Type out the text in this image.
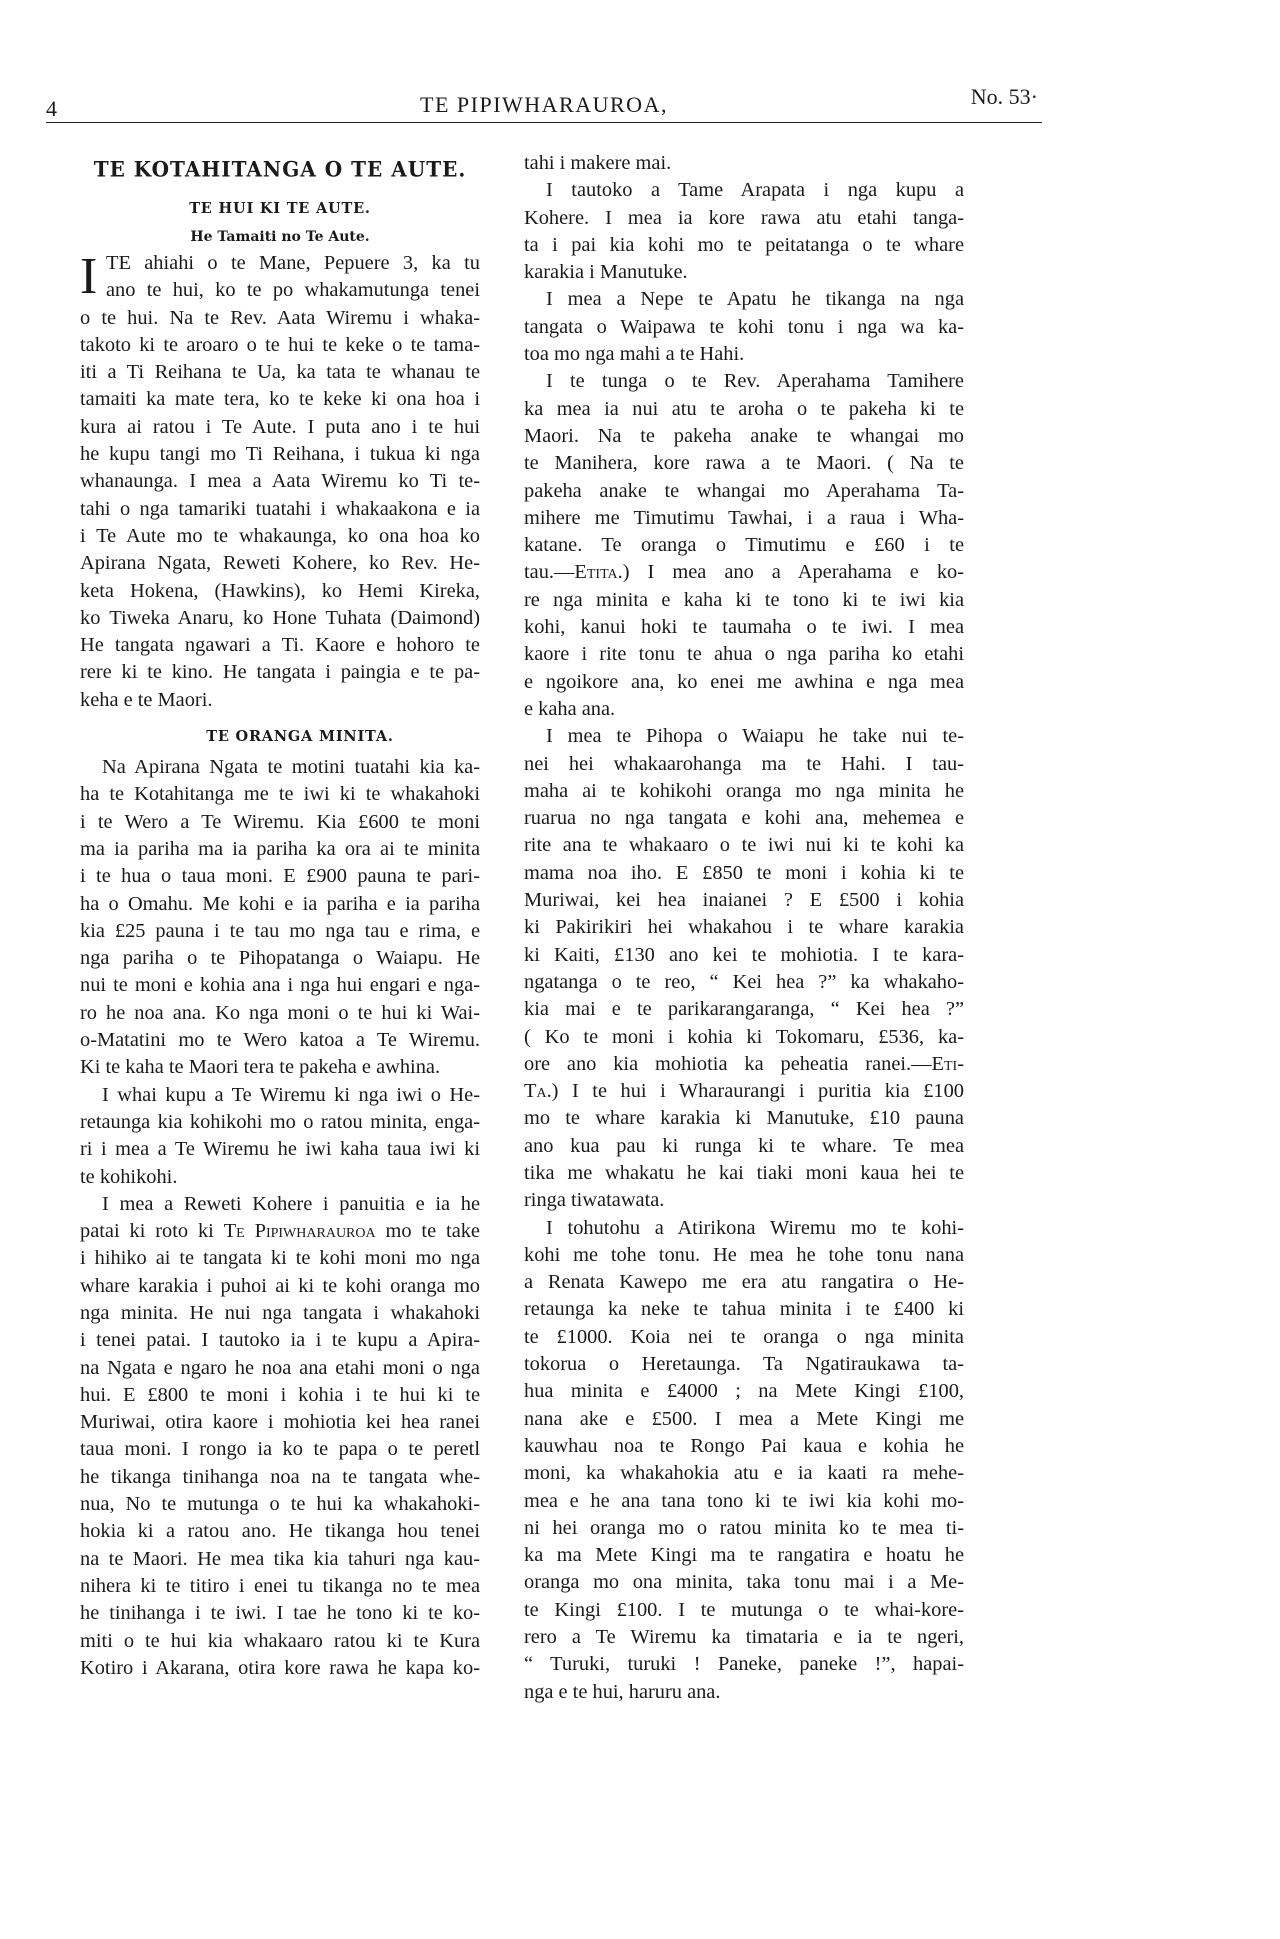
4	TE PIPIWHARAUROA,	No. 53·
TE KOTAHITANGA O TE AUTE.
TE HUI KI TE AUTE.
He Tamaiti no Te Aute.
I TE ahiahi o te Mane, Pepuere 3, ka tu
ano te hui, ko te po whakamutunga tenei
o te hui. Na te Rev. Aata Wiremu i whaka-
takoto ki te aroaro o te hui te keke o te tama-
iti a Ti Reihana te Ua, ka tata te whanau te
tamaiti ka mate tera, ko te keke ki ona hoa i
kura ai ratou i Te Aute. I puta ano i te hui
he kupu tangi mo Ti Reihana, i tukua ki nga
whanaunga. I mea a Aata Wiremu ko Ti te-
tahi o nga tamariki tuatahi i whakaakona e ia
i Te Aute mo te whakaunga, ko ona hoa ko
Apirana Ngata, Reweti Kohere, ko Rev. He-
keta Hokena, (Hawkins), ko Hemi Kireka,
ko Tiweka Anaru, ko Hone Tuhata (Daimond)
He tangata ngawari a Ti. Kaore e hohoro te
rere ki te kino. He tangata i paingia e te pa-
keha e te Maori.
TE ORANGA MINITA.
Na Apirana Ngata te motini tuatahi kia ka-
ha te Kotahitanga me te iwi ki te whakahoki
i te Wero a Te Wiremu. Kia £600 te moni
ma ia pariha ma ia pariha ka ora ai te minita
i te hua o taua moni. E £900 pauna te pari-
ha o Omahu. Me kohi e ia pariha e ia pariha
kia £25 pauna i te tau mo nga tau e rima, e
nga pariha o te Pihopatanga o Waiapu. He
nui te moni e kohia ana i nga hui engari e nga-
ro he noa ana. Ko nga moni o te hui ki Wai-
o-Matatini mo te Wero katoa a Te Wiremu.
Ki te kaha te Maori tera te pakeha e awhina.
I whai kupu a Te Wiremu ki nga iwi o He-
retaunga kia kohikohi mo o ratou minita, enga-
ri i mea a Te Wiremu he iwi kaha taua iwi ki
te kohikohi.
I mea a Reweti Kohere i panuitia e ia he
patai ki roto ki Te Pipiwharauroa mo te take
i hihiko ai te tangata ki te kohi moni mo nga
whare karakia i puhoi ai ki te kohi oranga mo
nga minita. He nui nga tangata i whakahoki
i tenei patai. I tautoko ia i te kupu a Apira-
na Ngata e ngaro he noa ana etahi moni o nga
hui. E £800 te moni i kohia i te hui ki te
Muriwai, otira kaore i mohiotia kei hea ranei
taua moni. I rongo ia ko te papa o te peretl
he tikanga tinihanga noa na te tangata whe-
nua, No te mutunga o te hui ka whakahoki-
hokia ki a ratou ano. He tikanga hou tenei
na te Maori. He mea tika kia tahuri nga kau-
nihera ki te titiro i enei tu tikanga no te mea
he tinihanga i te iwi. I tae he tono ki te ko-
miti o te hui kia whakaaro ratou ki te Kura
Kotiro i Akarana, otira kore rawa he kapa ko-
tahi i makere mai.
I tautoko a Tame Arapata i nga kupu a
Kohere. I mea ia kore rawa atu etahi tanga-
ta i pai kia kohi mo te peitatanga o te whare
karakia i Manutuke.
I mea a Nepe te Apatu he tikanga na nga
tangata o Waipawa te kohi tonu i nga wa ka-
toa mo nga mahi a te Hahi.
I te tunga o te Rev. Aperahama Tamihere
ka mea ia nui atu te aroha o te pakeha ki te
Maori. Na te pakeha anake te whangai mo
te Manihera, kore rawa a te Maori. ( Na te
pakeha anake te whangai mo Aperahama Ta-
mihere me Timutimu Tawhai, i a raua i Wha-
katane. Te oranga o Timutimu e £60 i te
tau.—Etita.) I mea ano a Aperahama e ko-
re nga minita e kaha ki te tono ki te iwi kia
kohi, kanui hoki te taumaha o te iwi. I mea
kaore i rite tonu te ahua o nga pariha ko etahi
e ngoikore ana, ko enei me awhina e nga mea
e kaha ana.
I mea te Pihopa o Waiapu he take nui te-
nei hei whakaarohanga ma te Hahi. I tau-
maha ai te kohikohi oranga mo nga minita he
ruarua no nga tangata e kohi ana, mehemea e
rite ana te whakaaro o te iwi nui ki te kohi ka
mama noa iho. E £850 te moni i kohia ki te
Muriwai, kei hea inaianei ? E £500 i kohia
ki Pakirikiri hei whakahou i te whare karakia
ki Kaiti, £130 ano kei te mohiotia. I te kara-
ngatanga o te reo, “ Kei hea ?” ka whakaho-
kia mai e te parikarangaranga, “ Kei hea ?”
( Ko te moni i kohia ki Tokomaru, £536, ka-
ore ano kia mohiotia ka peheatia ranei.—Eti-
Ta.) I te hui i Wharaurangi i puritia kia £100
mo te whare karakia ki Manutuke, £10 pauna
ano kua pau ki runga ki te whare. Te mea
tika me whakatu he kai tiaki moni kaua hei te
ringa tiwatawata.
I tohutohu a Atirikona Wiremu mo te kohi-
kohi me tohe tonu. He mea he tohe tonu nana
a Renata Kawepo me era atu rangatira o He-
retaunga ka neke te tahua minita i te £400 ki
te £1000. Koia nei te oranga o nga minita
tokorua o Heretaunga. Ta Ngatiraukawa ta-
hua minita e £4000 ; na Mete Kingi £100,
nana ake e £500. I mea a Mete Kingi me
kauwhau noa te Rongo Pai kaua e kohia he
moni, ka whakahokia atu e ia kaati ra mehe-
mea e he ana tana tono ki te iwi kia kohi mo-
ni hei oranga mo o ratou minita ko te mea ti-
ka ma Mete Kingi ma te rangatira e hoatu he
oranga mo ona minita, taka tonu mai i a Me-
te Kingi £100. I te mutunga o te whai-kore-
rero a Te Wiremu ka timataria e ia te ngeri,
“ Turuki, turuki ! Paneke, paneke !”, hapai-
nga e te hui, haruru ana.
